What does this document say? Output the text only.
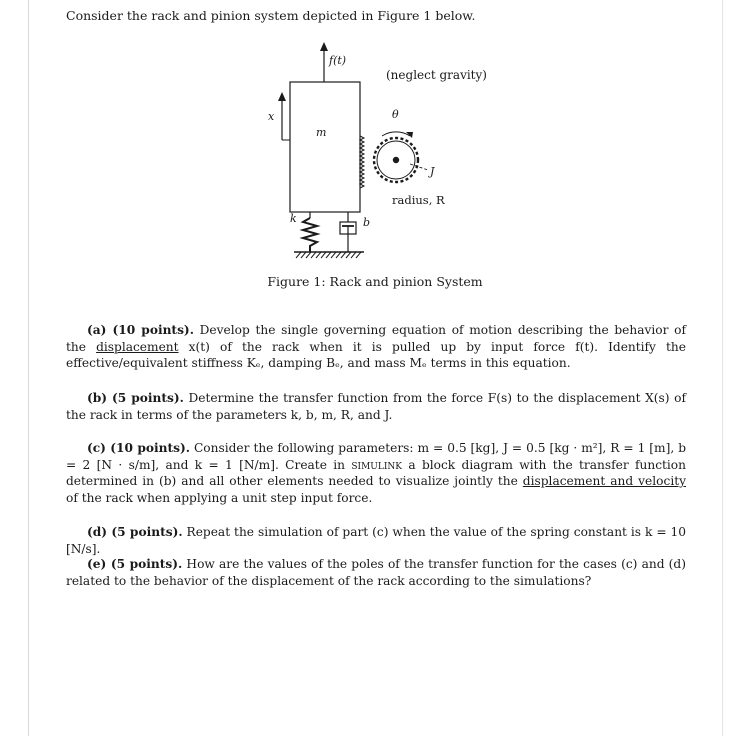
Consider the rack and pinion system depicted in Figure 1 below.
f(t)
(neglect gravity)
m
x	θ
J
radius, R
k	b
Figure 1: Rack and pinion System

(a) (10 points). Develop the single governing equation of motion describing the behavior of the displacement x(t) of the rack when it is pulled up by input force f(t). Identify the effective/equivalent stiffness Kₑ, damping Bₑ, and mass Mₑ terms in this equation.

(b) (5 points). Determine the transfer function from the force F(s) to the displacement X(s) of the rack in terms of the parameters k, b, m, R, and J.

(c) (10 points). Consider the following parameters: m = 0.5 [kg], J = 0.5 [kg · m²], R = 1 [m], b = 2 [N · s/m], and k = 1 [N/m]. Create in simulink a block diagram with the transfer function determined in (b) and all other elements needed to visualize jointly the displacement and velocity of the rack when applying a unit step input force.

(d) (5 points). Repeat the simulation of part (c) when the value of the spring constant is k = 10 [N/s].

(e) (5 points). How are the values of the poles of the transfer function for the cases (c) and (d) related to the behavior of the displacement of the rack according to the simulations?
